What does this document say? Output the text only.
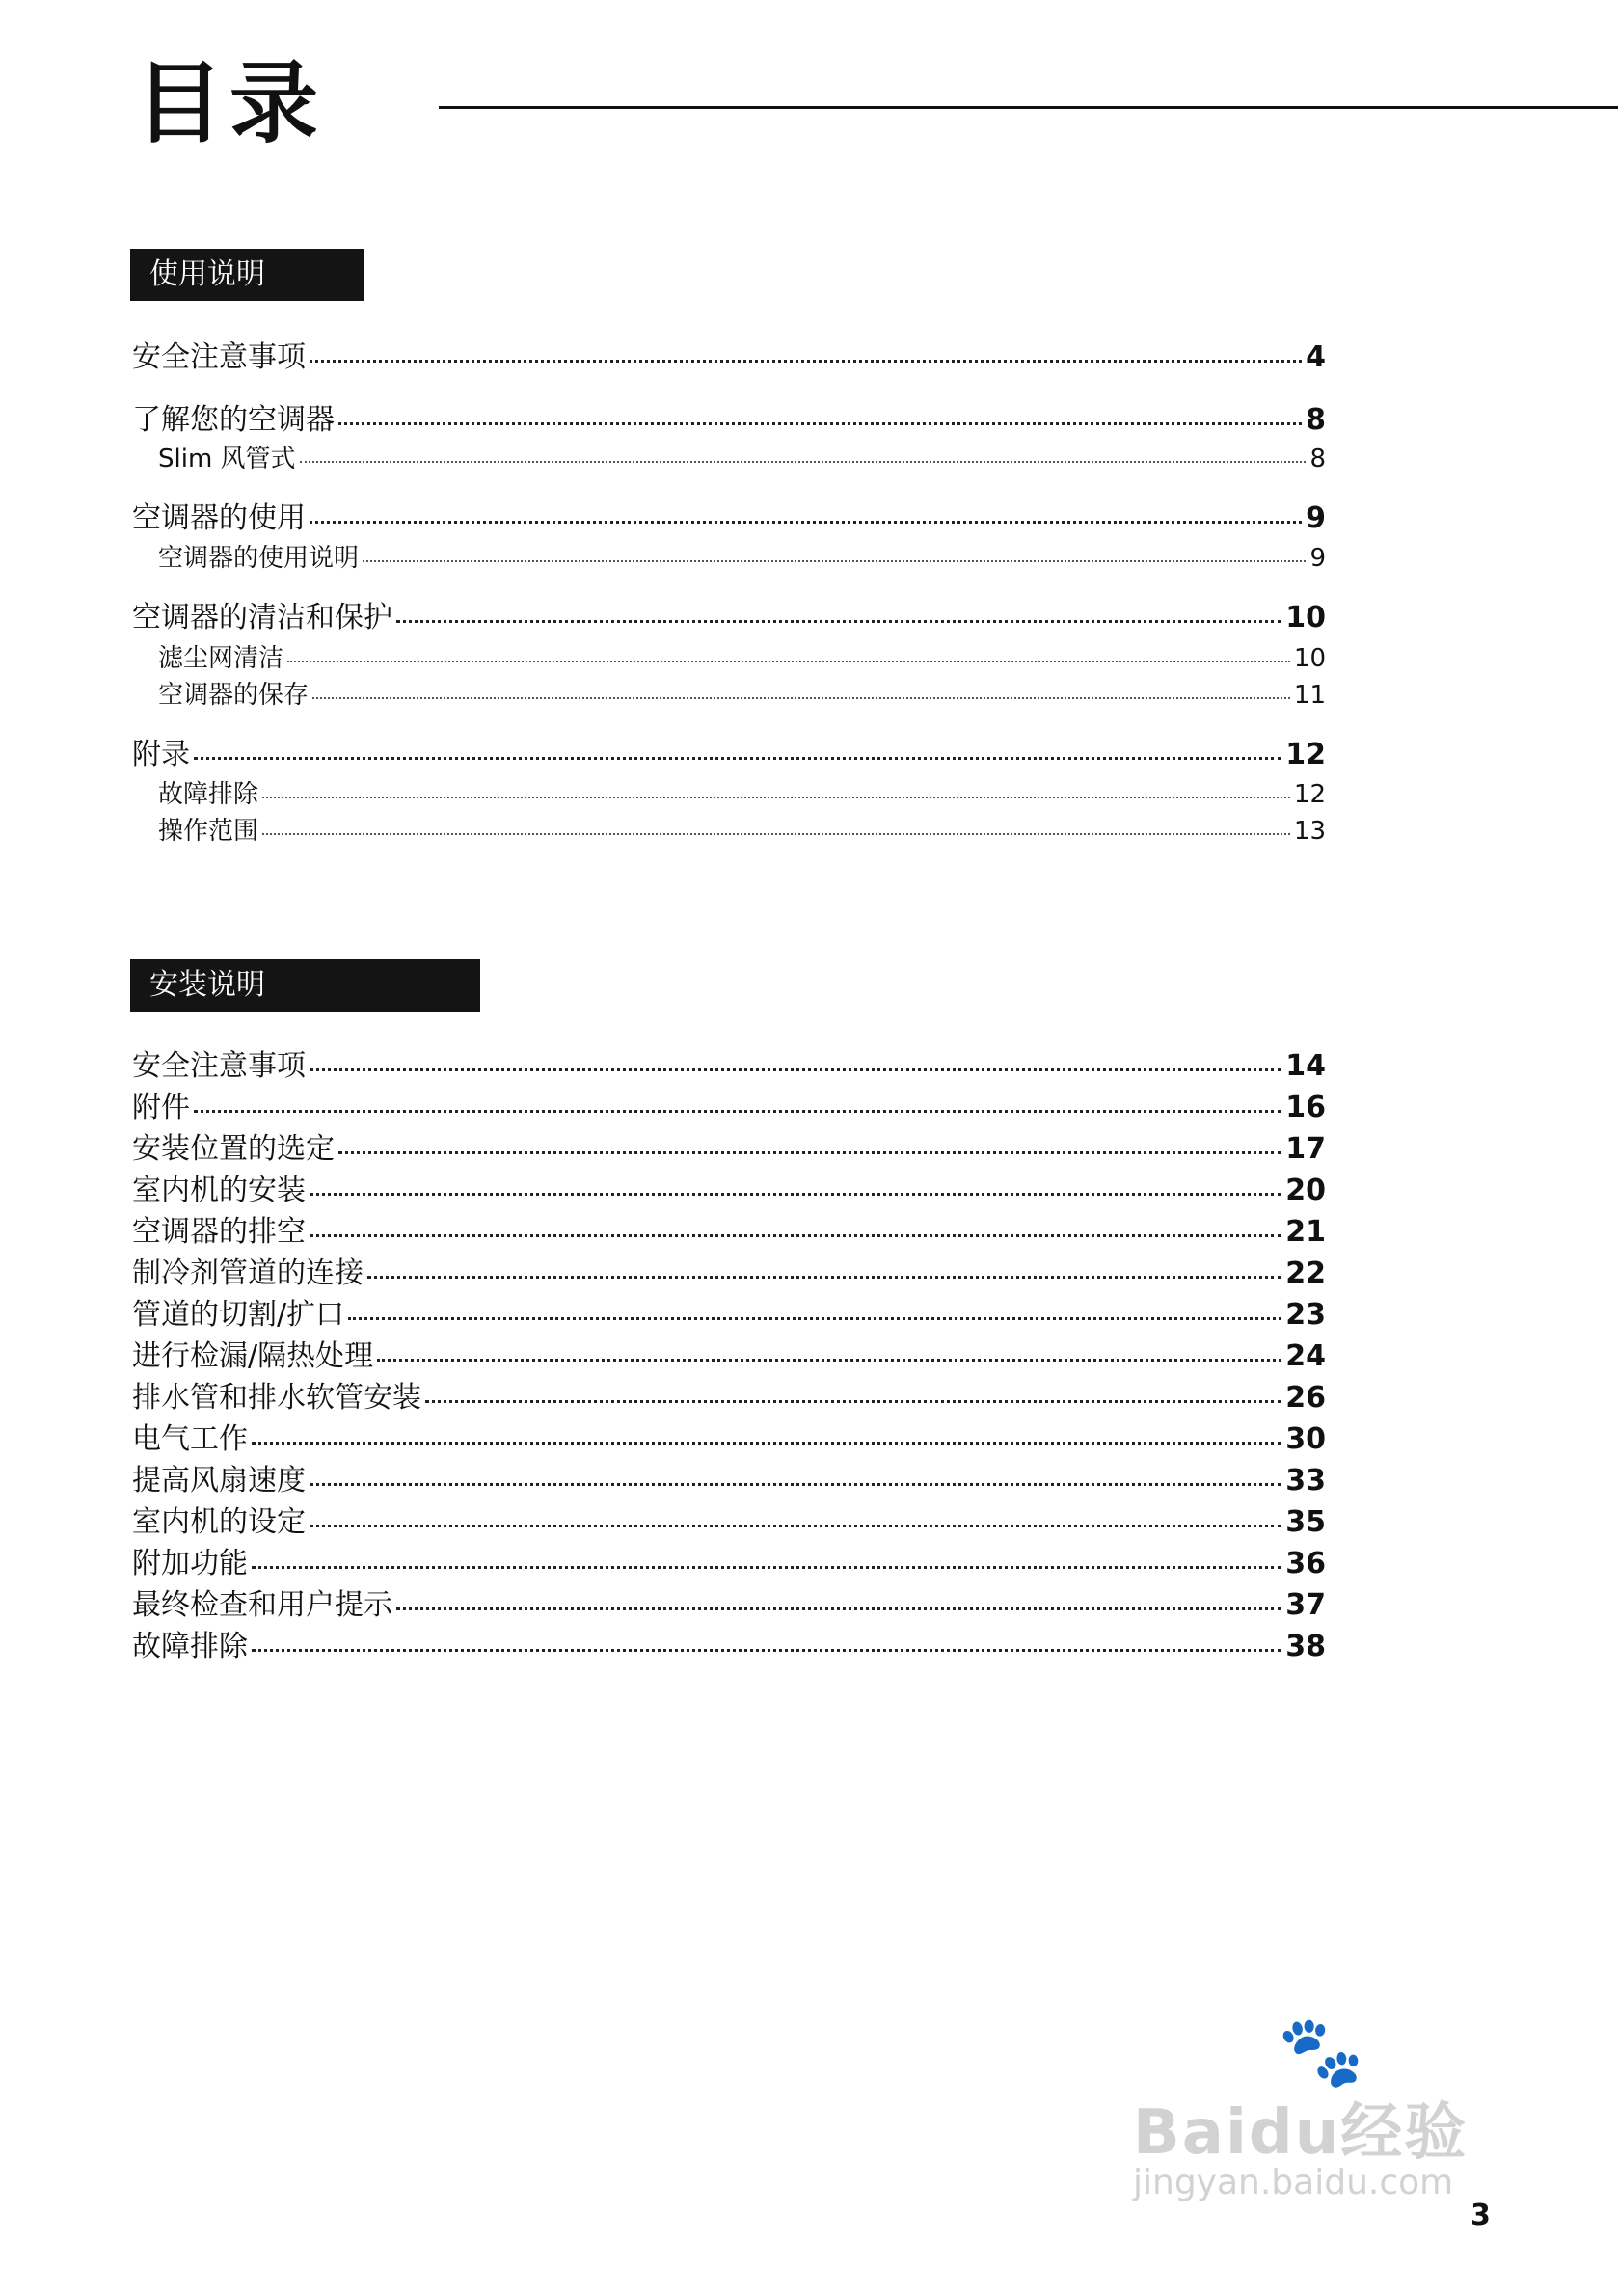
目录
使用说明
安全注意事项	4
了解您的空调器	8
Slim 风管式	8
空调器的使用	9
空调器的使用说明	9
空调器的清洁和保护	10
滤尘网清洁	10
空调器的保存	11
附录	12
故障排除	12
操作范围	13
安装说明
安全注意事项	14
附件	16
安装位置的选定	17
室内机的安装	20
空调器的排空	21
制冷剂管道的连接	22
管道的切割/扩口	23
进行检漏/隔热处理	24
排水管和排水软管安装	26
电气工作	30
提高风扇速度	33
室内机的设定	35
附加功能	36
最终检查和用户提示	37
故障排除	38
🐾
Baidu经验
jingyan.baidu.com
3
